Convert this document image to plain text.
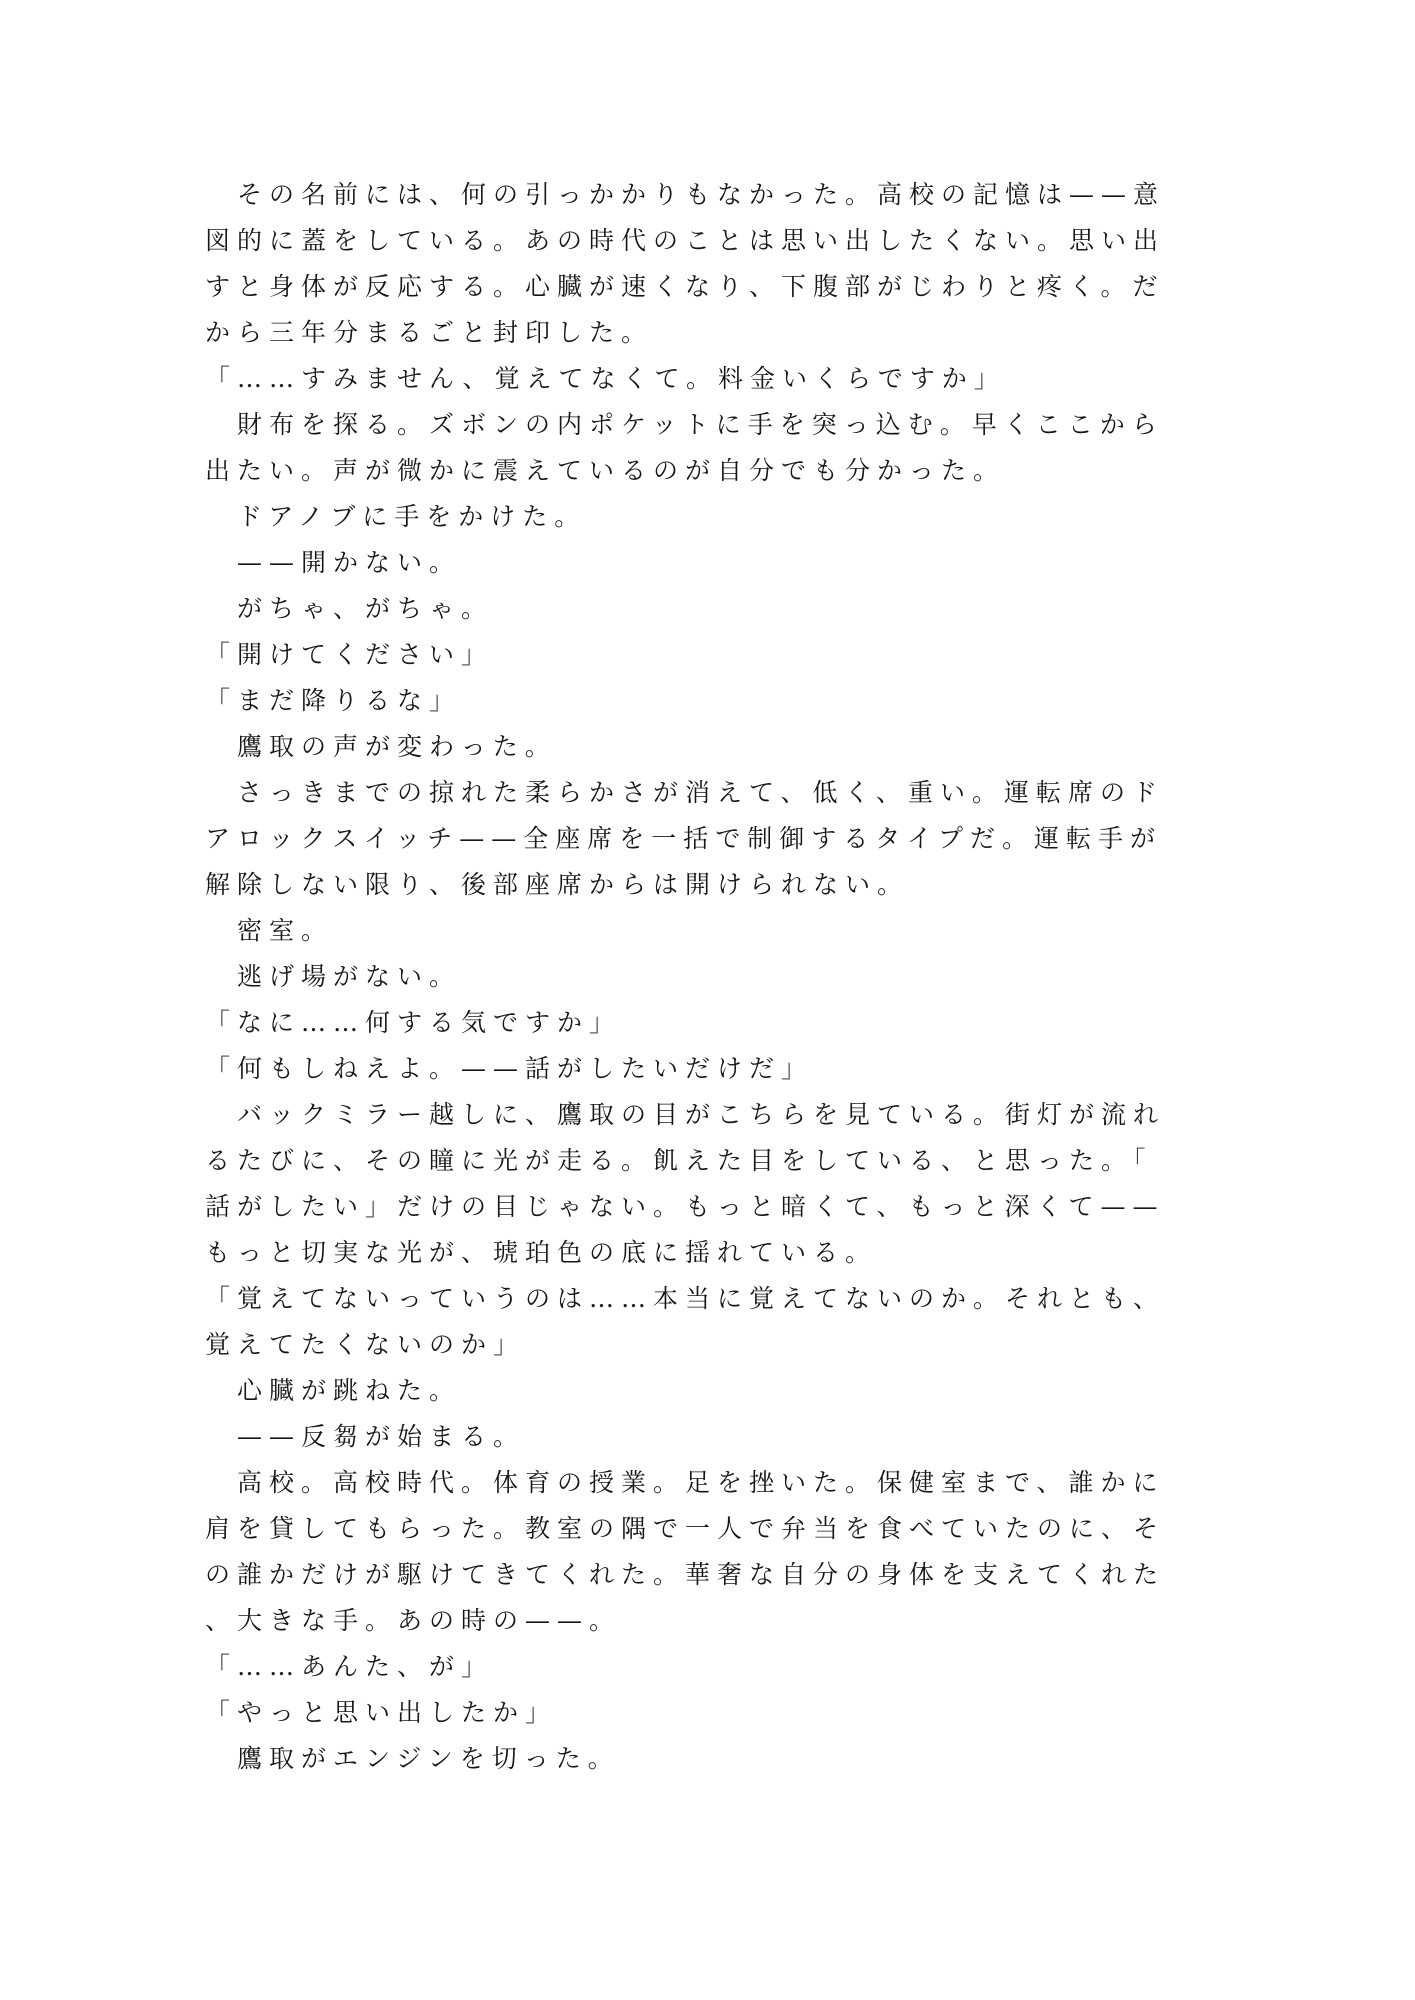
　その名前には、何の引っかかりもなかった。高校の記憶は——意
図的に蓋をしている。あの時代のことは思い出したくない。思い出
すと身体が反応する。心臓が速くなり、下腹部がじわりと疼く。だ
から三年分まるごと封印した。
「……すみません、覚えてなくて。料金いくらですか」
　財布を探る。ズボンの内ポケットに手を突っ込む。早くここから
出たい。声が微かに震えているのが自分でも分かった。
　ドアノブに手をかけた。
　——開かない。
　がちゃ、がちゃ。
「開けてください」
「まだ降りるな」
　鷹取の声が変わった。
　さっきまでの掠れた柔らかさが消えて、低く、重い。運転席のド
アロックスイッチ——全座席を一括で制御するタイプだ。運転手が
解除しない限り、後部座席からは開けられない。
　密室。
　逃げ場がない。
「なに……何する気ですか」
「何もしねえよ。——話がしたいだけだ」
　バックミラー越しに、鷹取の目がこちらを見ている。街灯が流れ
るたびに、その瞳に光が走る。飢えた目をしている、と思った。「
話がしたい」だけの目じゃない。もっと暗くて、もっと深くて——
もっと切実な光が、琥珀色の底に揺れている。
「覚えてないっていうのは……本当に覚えてないのか。それとも、
覚えてたくないのか」
　心臓が跳ねた。
　——反芻が始まる。
　高校。高校時代。体育の授業。足を挫いた。保健室まで、誰かに
肩を貸してもらった。教室の隅で一人で弁当を食べていたのに、そ
の誰かだけが駆けてきてくれた。華奢な自分の身体を支えてくれた
、大きな手。あの時の——。
「……あんた、が」
「やっと思い出したか」
　鷹取がエンジンを切った。
